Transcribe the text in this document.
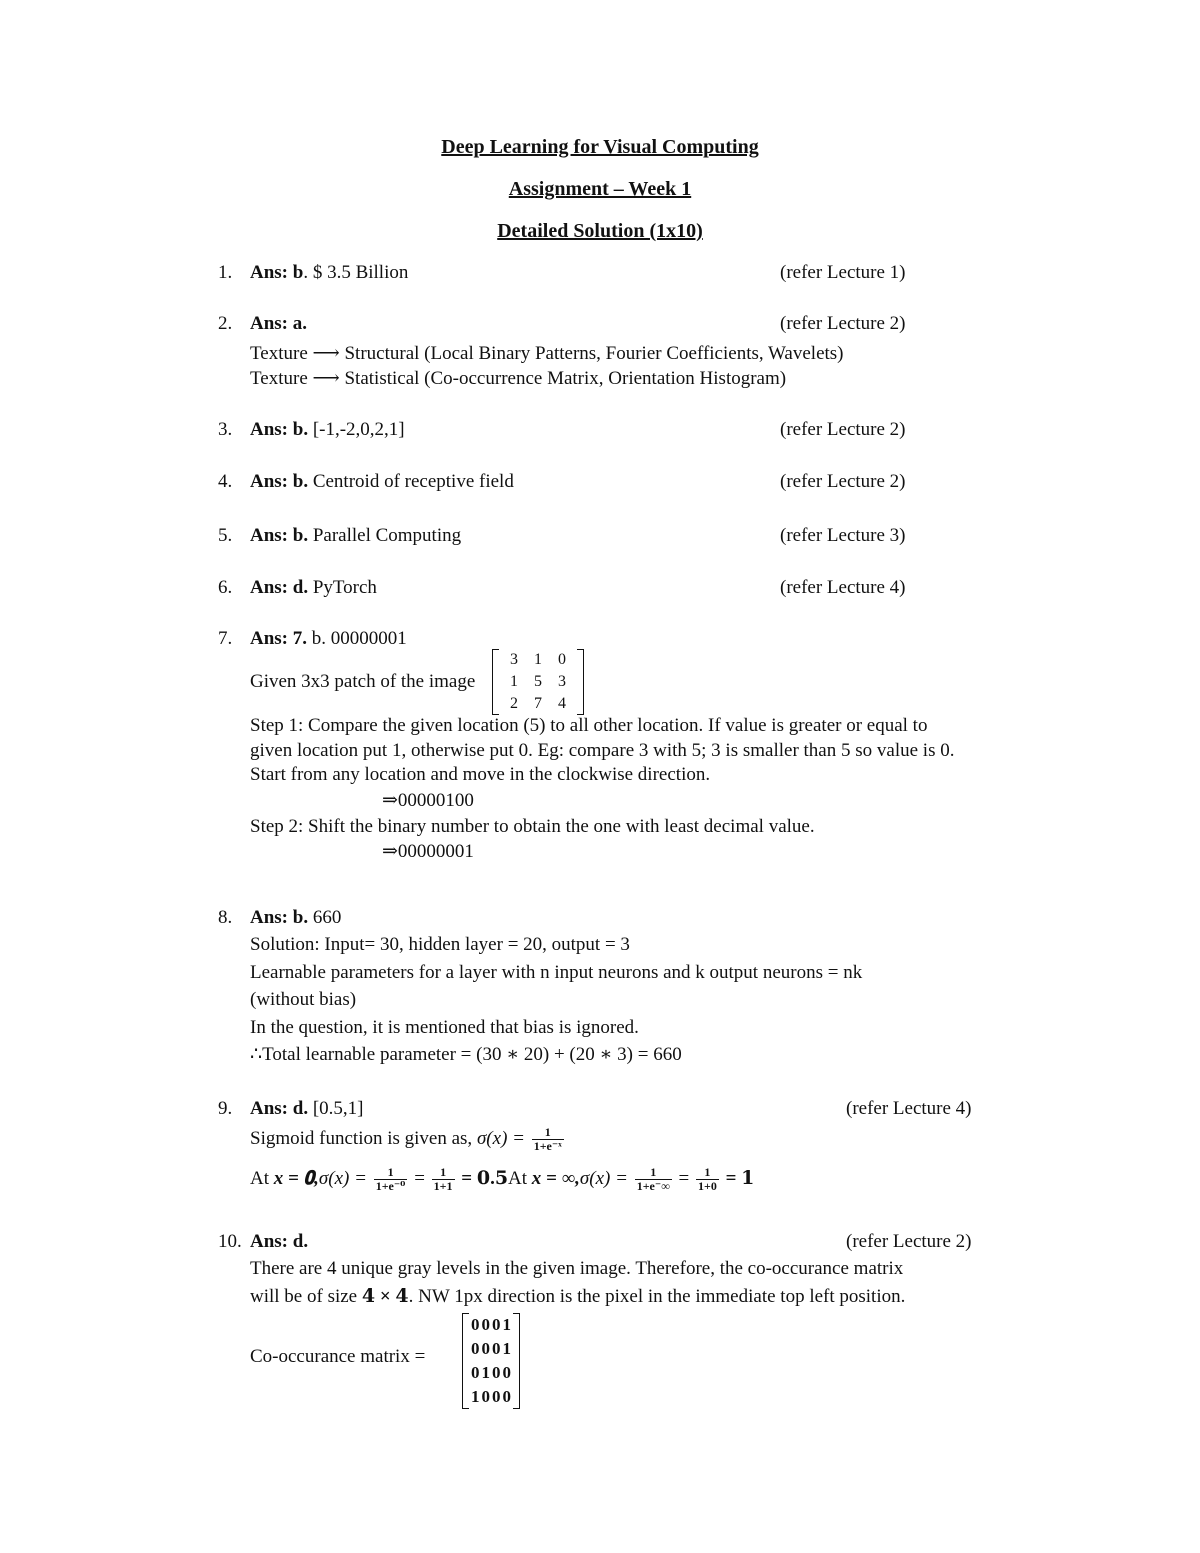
Deep Learning for Visual Computing
Assignment – Week 1
Detailed Solution (1x10)
1. Ans: b. $ 3.5 Billion	(refer Lecture 1)
2. Ans: a.	(refer Lecture 2)
Texture ⟶ Structural (Local Binary Patterns, Fourier Coefficients, Wavelets)
Texture ⟶ Statistical (Co-occurrence Matrix, Orientation Histogram)
3. Ans: b. [-1,-2,0,2,1]	(refer Lecture 2)
4. Ans: b. Centroid of receptive field	(refer Lecture 2)
5. Ans: b. Parallel Computing	(refer Lecture 3)
6. Ans: d. PyTorch	(refer Lecture 4)
7. Ans: 7. b. 00000001
Given 3x3 patch of the image
3	1	0
1	5	3
2	7	4
Step 1: Compare the given location (5) to all other location. If value is greater or equal to
given location put 1, otherwise put 0. Eg: compare 3 with 5; 3 is smaller than 5 so value is 0.
Start from any location and move in the clockwise direction.
⇒00000100
Step 2: Shift the binary number to obtain the one with least decimal value.
⇒00000001
8. Ans: b. 660
Solution: Input= 30, hidden layer = 20, output = 3
Learnable parameters for a layer with n input neurons and k output neurons = nk
(without bias)
In the question, it is mentioned that bias is ignored.
∴Total learnable parameter = (30 ∗ 20) + (20 ∗ 3) = 660
9. Ans: d. [0.5,1]	(refer Lecture 4)
Sigmoid function is given as, $\sigma(x) = \frac{1}{\text{1+e⁻ˣ}}$
At x = 𝟎,σ(x) = $\frac{1}{\text{1+e⁻⁰}} = \frac{1}{1+1}$ = 𝟎.𝟓At $x = \infty,\sigma(x) = \frac{1}{1+e^-\infty} = \frac{1}{1+0}$ = 𝟏
10. Ans: d.	(refer Lecture 2)
There are 4 unique gray levels in the given image. Therefore, the co-occurance matrix
will be of size 𝟒 × 𝟒. NW 1px direction is the pixel in the immediate top left position.
Co-occurance matrix =
0	0	0	1
0	0	0	1
0	1	0	0
1	0	0	0
